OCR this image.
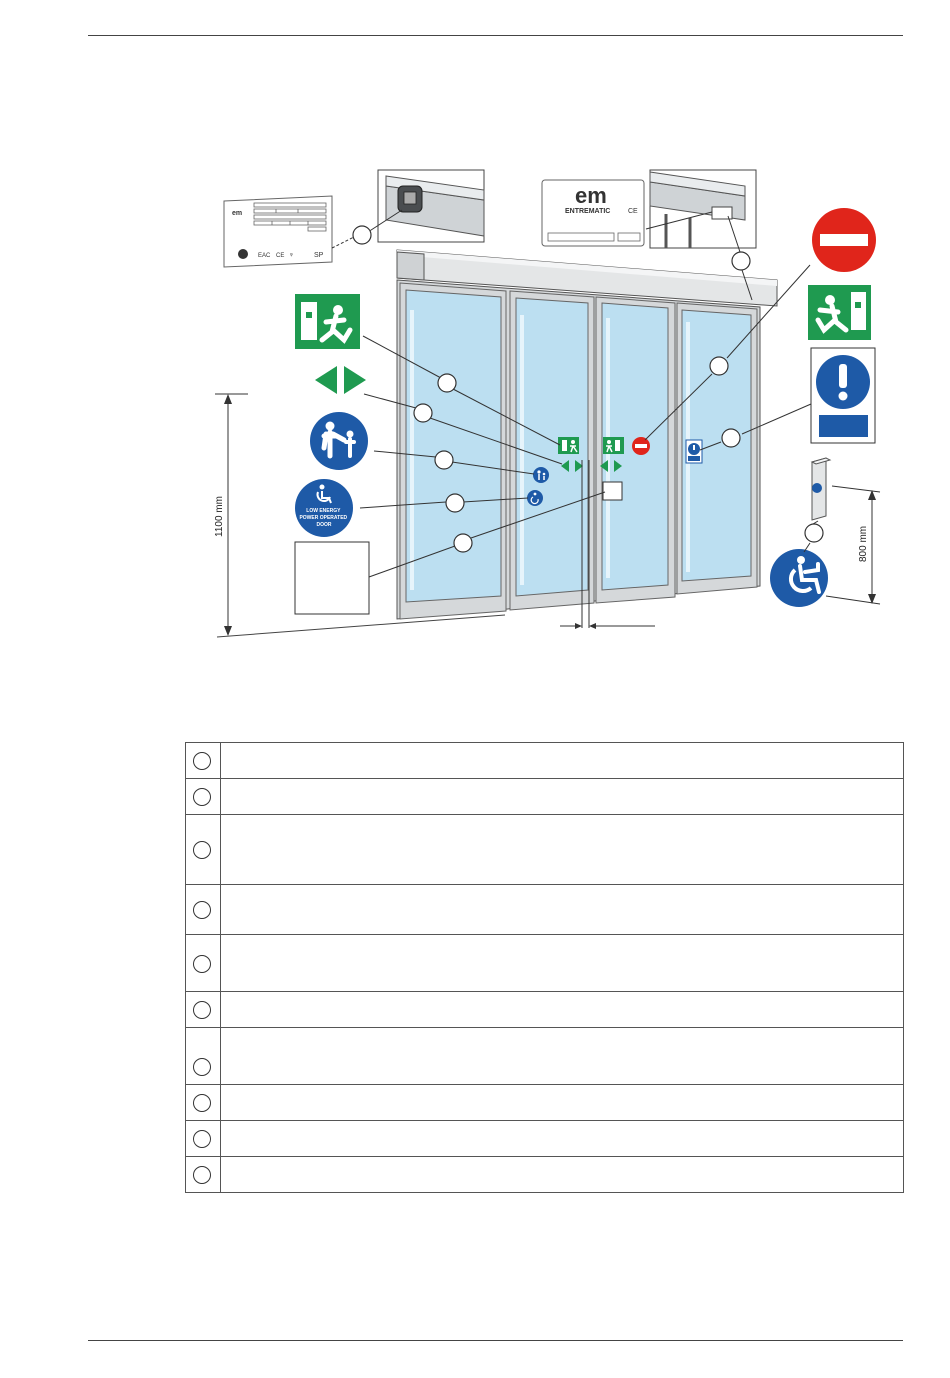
1100 mm
em
EAC CE ᵠ	SP
em
ENTREMATIC	CE
LOW ENERGY POWER OPERATED DOOR
800 mm
